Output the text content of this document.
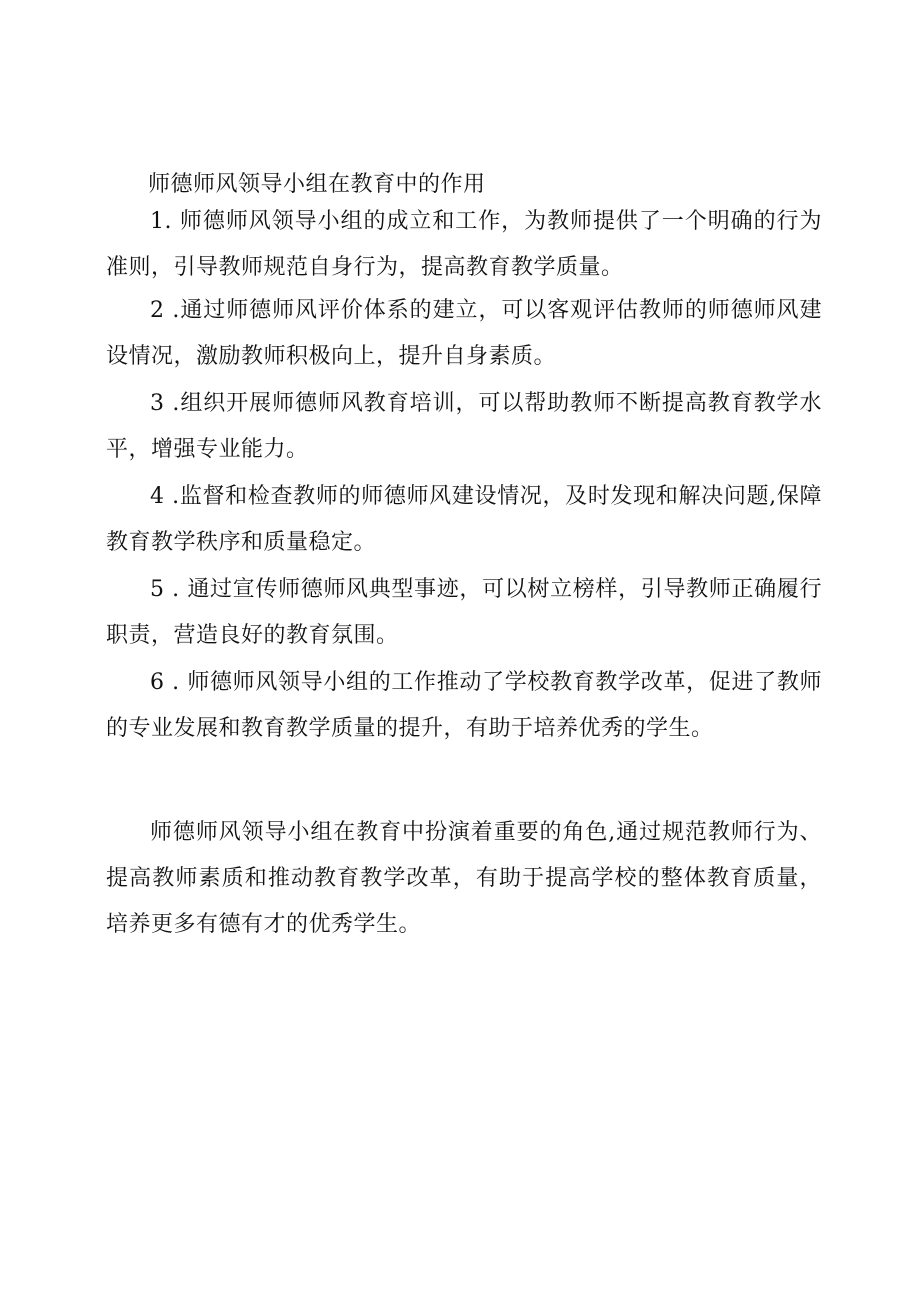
师德师风领导小组在教育中的作用

1. 师德师风领导小组的成立和工作，为教师提供了一个明确的行为准则，引导教师规范自身行为，提高教育教学质量。

2 .通过师德师风评价体系的建立，可以客观评估教师的师德师风建设情况，激励教师积极向上，提升自身素质。

3 .组织开展师德师风教育培训，可以帮助教师不断提高教育教学水平，增强专业能力。

4 .监督和检查教师的师德师风建设情况，及时发现和解决问题,保障教育教学秩序和质量稳定。

5 . 通过宣传师德师风典型事迹，可以树立榜样，引导教师正确履行职责，营造良好的教育氛围。

6 . 师德师风领导小组的工作推动了学校教育教学改革，促进了教师的专业发展和教育教学质量的提升，有助于培养优秀的学生。

师德师风领导小组在教育中扮演着重要的角色,通过规范教师行为、提高教师素质和推动教育教学改革，有助于提高学校的整体教育质量，培养更多有德有才的优秀学生。
